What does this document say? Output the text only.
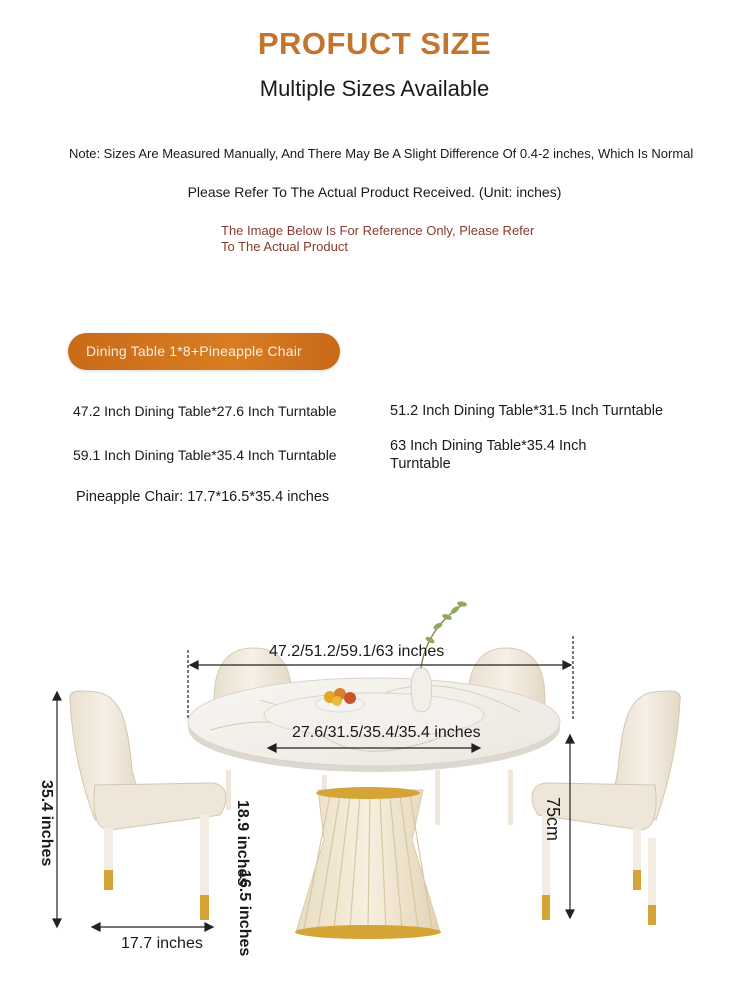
PROFUCT SIZE
Multiple Sizes Available
Note: Sizes Are Measured Manually, And There May Be A Slight Difference Of 0.4-2 inches, Which Is Normal
Please Refer To The Actual Product Received. (Unit: inches)
The Image Below Is For Reference Only, Please Refer To The Actual Product
Dining Table 1*8+Pineapple Chair
47.2 Inch Dining Table*27.6 Inch Turntable	51.2 Inch Dining Table*31.5 Inch Turntable
59.1 Inch Dining Table*35.4 Inch Turntable
63 Inch Dining Table*35.4 Inch Turntable
Pineapple Chair: 17.7*16.5*35.4 inches
47.2/51.2/59.1/63 inches
27.6/31.5/35.4/35.4 inches
17.7 inches
35.4 inches	18.9 inches
16.5 inches
75cm
